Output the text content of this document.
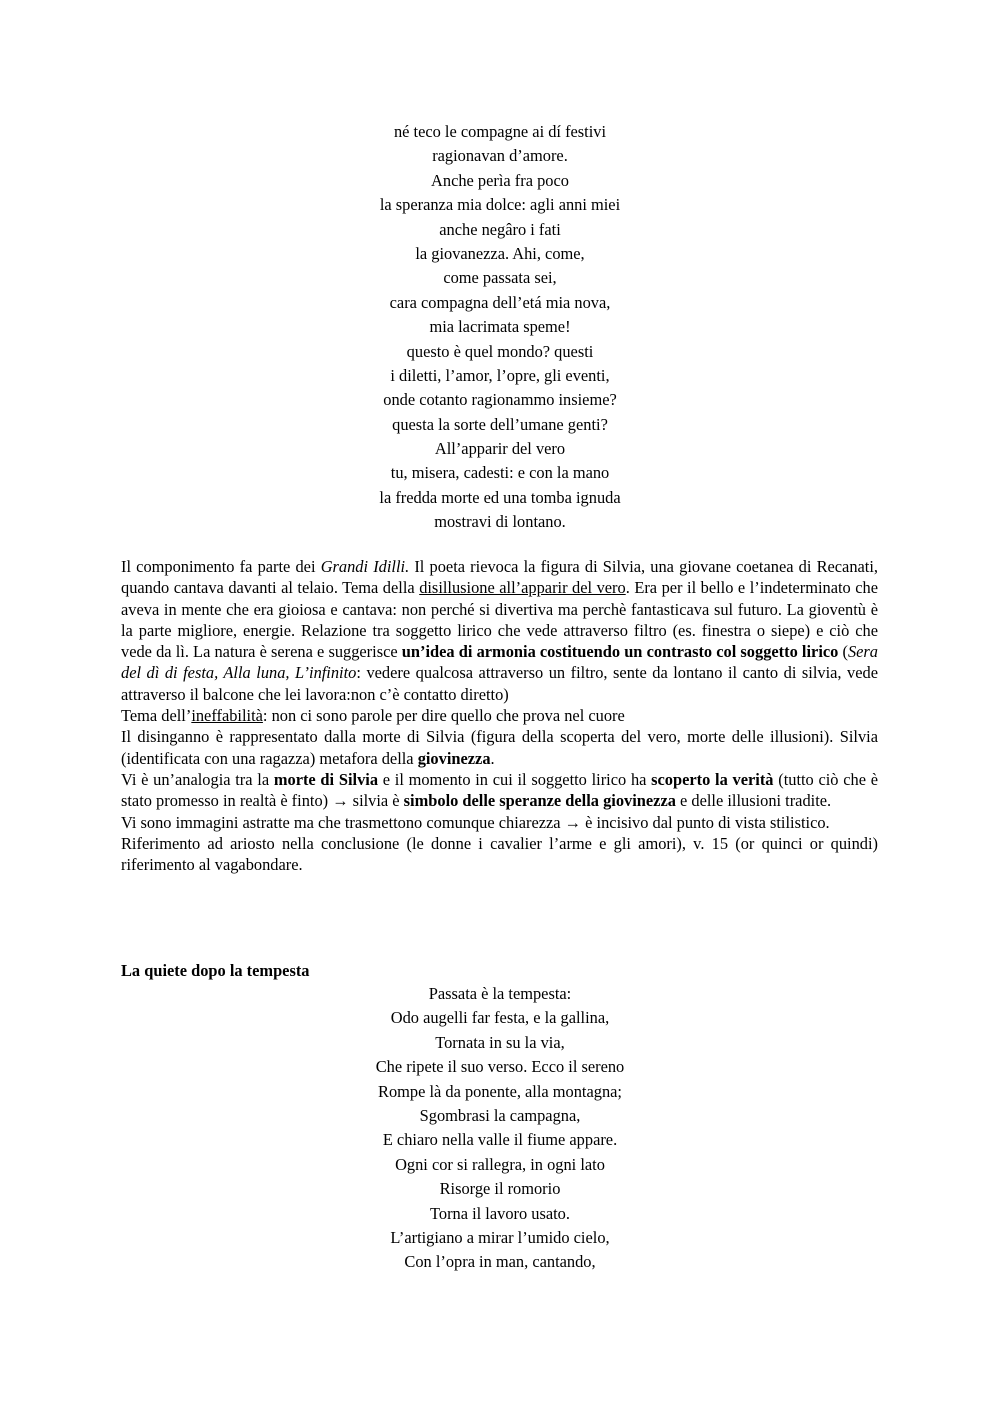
né teco le compagne ai dí festivi
ragionavan d’amore.
Anche perìa fra poco
la speranza mia dolce: agli anni miei
anche negâro i fati
la giovanezza. Ahi, come,
come passata sei,
cara compagna dell’etá mia nova,
mia lacrimata speme!
questo è quel mondo? questi
i diletti, l’amor, l’opre, gli eventi,
onde cotanto ragionammo insieme?
questa la sorte dell’umane genti?
All’apparir del vero
tu, misera, cadesti: e con la mano
la fredda morte ed una tomba ignuda
mostravi di lontano.

Il componimento fa parte dei Grandi Idilli. Il poeta rievoca la figura di Silvia, una giovane coetanea di Recanati, quando cantava davanti al telaio. Tema della disillusione all’apparir del vero. Era per il bello e l’indeterminato che aveva in mente che era gioiosa e cantava: non perché si divertiva ma perchè fantasticava sul futuro. La gioventù è la parte migliore, energie. Relazione tra soggetto lirico che vede attraverso filtro (es. finestra o siepe) e ciò che vede da lì. La natura è serena e suggerisce un’idea di armonia costituendo un contrasto col soggetto lirico (Sera del dì di festa, Alla luna, L’infinito: vedere qualcosa attraverso un filtro, sente da lontano il canto di silvia, vede attraverso il balcone che lei lavora:non c’è contatto diretto)

Tema dell’ineffabilità: non ci sono parole per dire quello che prova nel cuore

Il disinganno è rappresentato dalla morte di Silvia (figura della scoperta del vero, morte delle illusioni). Silvia (identificata con una ragazza) metafora della giovinezza.

Vi è un’analogia tra la morte di Silvia e il momento in cui il soggetto lirico ha scoperto la verità (tutto ciò che è stato promesso in realtà è finto) → silvia è simbolo delle speranze della giovinezza e delle illusioni tradite.

Vi sono immagini astratte ma che trasmettono comunque chiarezza → è incisivo dal punto di vista stilistico.

Riferimento ad ariosto nella conclusione (le donne i cavalier l’arme e gli amori), v. 15 (or quinci or quindi) riferimento al vagabondare.

La quiete dopo la tempesta
Passata è la tempesta:
Odo augelli far festa, e la gallina,
Tornata in su la via,
Che ripete il suo verso. Ecco il sereno
Rompe là da ponente, alla montagna;
Sgombrasi la campagna,
E chiaro nella valle il fiume appare.
Ogni cor si rallegra, in ogni lato
Risorge il romorio
Torna il lavoro usato.
L’artigiano a mirar l’umido cielo,
Con l’opra in man, cantando,
